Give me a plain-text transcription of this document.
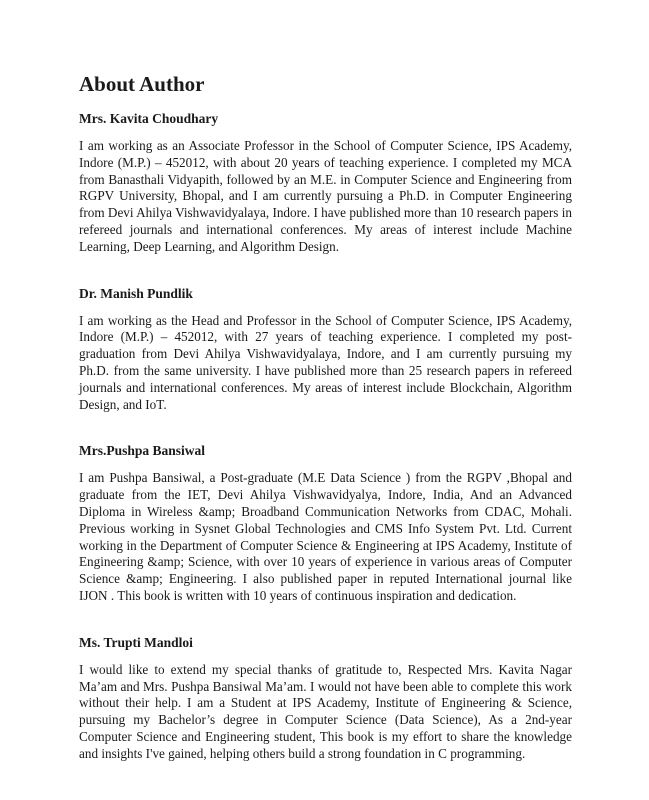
About Author
Mrs. Kavita Choudhary

I am working as an Associate Professor in the School of Computer Science, IPS Academy, Indore (M.P.) – 452012, with about 20 years of teaching experience. I completed my MCA from Banasthali Vidyapith, followed by an M.E. in Computer Science and Engineering from RGPV University, Bhopal, and I am currently pursuing a Ph.D. in Computer Engineering from Devi Ahilya Vishwavidyalaya, Indore. I have published more than 10 research papers in refereed journals and international conferences. My areas of interest include Machine Learning, Deep Learning, and Algorithm Design.

Dr. Manish Pundlik

I am working as the Head and Professor in the School of Computer Science, IPS Academy, Indore (M.P.) – 452012, with 27 years of teaching experience. I completed my post-graduation from Devi Ahilya Vishwavidyalaya, Indore, and I am currently pursuing my Ph.D. from the same university. I have published more than 25 research papers in refereed journals and international conferences. My areas of interest include Blockchain, Algorithm Design, and IoT.

Mrs.Pushpa Bansiwal

I am Pushpa Bansiwal, a Post-graduate (M.E Data Science ) from the RGPV ,Bhopal and graduate from the IET, Devi Ahilya Vishwavidyalya, Indore, India, And an Advanced Diploma in Wireless &amp; Broadband Communication Networks from CDAC, Mohali. Previous working in Sysnet Global Technologies and CMS Info System Pvt. Ltd. Current working in the Department of Computer Science & Engineering at IPS Academy, Institute of Engineering &amp; Science, with over 10 years of experience in various areas of Computer Science &amp; Engineering. I also published paper in reputed International journal like IJON . This book is written with 10 years of continuous inspiration and dedication.

Ms. Trupti Mandloi

I would like to extend my special thanks of gratitude to, Respected Mrs. Kavita Nagar Ma’am and Mrs. Pushpa Bansiwal Ma’am. I would not have been able to complete this work without their help. I am a Student at IPS Academy, Institute of Engineering & Science, pursuing my Bachelor’s degree in Computer Science (Data Science), As a 2nd-year Computer Science and Engineering student, This book is my effort to share the knowledge and insights I've gained, helping others build a strong foundation in C programming.
